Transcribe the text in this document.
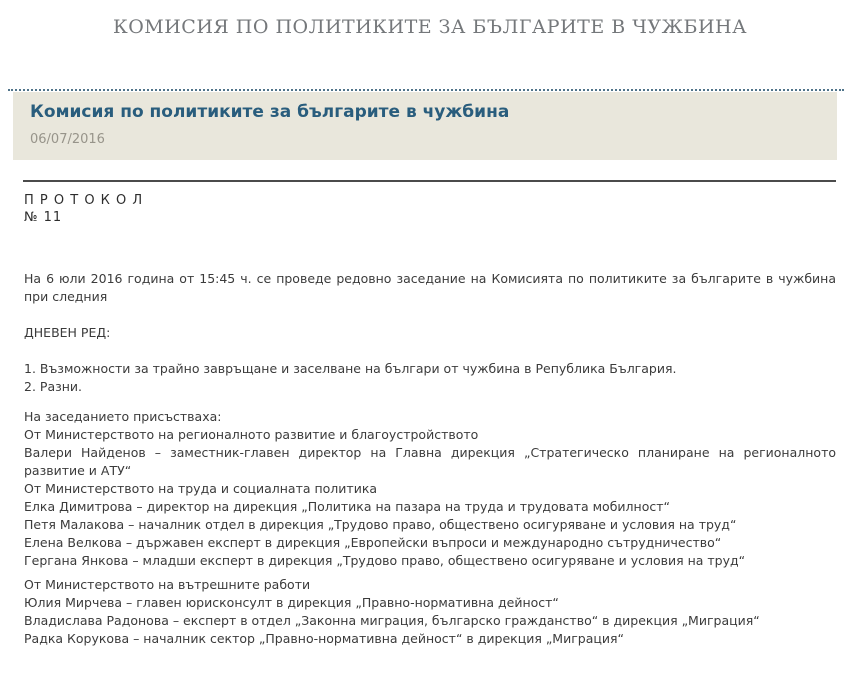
КОМИСИЯ ПО ПОЛИТИКИТЕ ЗА БЪЛГАРИТЕ В ЧУЖБИНА
Комисия по политиките за българите в чужбина
06/07/2016
П Р О Т О К О Л
№ 11
На 6 юли 2016 година от 15:45 ч. се проведе редовно заседание на Комисията по политиките за българите в чужбина при следния
ДНЕВЕН РЕД:
1. Възможности за трайно завръщане и заселване на българи от чужбина в Република България.
2. Разни.
На заседанието присъстваха:
От Министерството на регионалното развитие и благоустройството
Валери Найденов – заместник-главен директор на Главна дирекция „Стратегическо планиране на регионалното развитие и АТУ“
От Министерството на труда и социалната политика
Елка Димитрова – директор на дирекция „Политика на пазара на труда и трудовата мобилност“
Петя Малакова – началник отдел в дирекция „Трудово право, обществено осигуряване и условия на труд“
Елена Велкова – държавен експерт в дирекция „Европейски въпроси и международно сътрудничество“
Гергана Янкова – младши експерт в дирекция „Трудово право, обществено осигуряване и условия на труд“
От Министерството на вътрешните работи
Юлия Мирчева – главен юрисконсулт в дирекция „Правно-нормативна дейност“
Владислава Радонова – експерт в отдел „Законна миграция, българско гражданство“ в дирекция „Миграция“
Радка Корукова – началник сектор „Правно-нормативна дейност“ в дирекция „Миграция“
